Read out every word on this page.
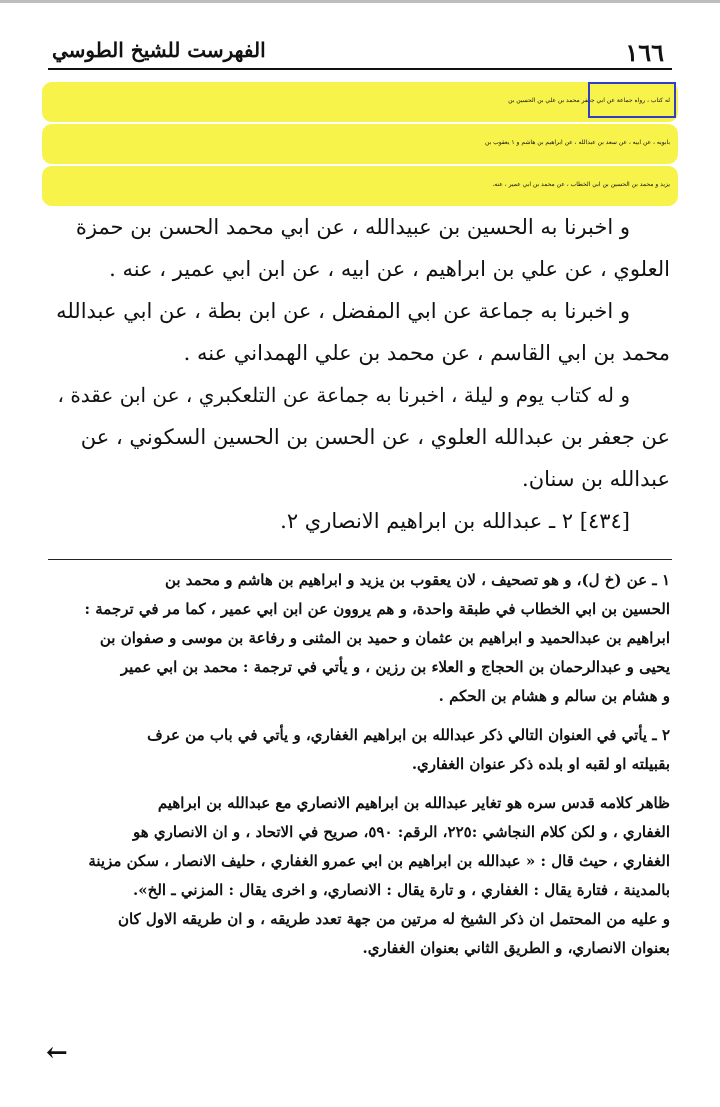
١٦٦
الفهرست للشيخ الطوسي
له كتاب ، رواه جماعة عن ابي جعفر محمد بن علي بن الحسين بن
بابويه ، عن ابيه ، عن سعد بن عبدالله ، عن ابراهيم بن هاشم و ١ يعقوب بن
يزيد و محمد بن الحسين بن ابي الخطاب ، عن محمد بن ابي عمير ، عنه.
و اخبرنا به الحسين بن عبيدالله ، عن ابي محمد الحسن بن حمزة
العلوي ، عن علي بن ابراهيم ، عن ابيه ، عن ابن ابي عمير ، عنه .
و اخبرنا به جماعة عن ابي المفضل ، عن ابن بطة ، عن ابي عبدالله
محمد بن ابي القاسم ، عن محمد بن علي الهمداني عنه .
و له كتاب يوم و ليلة ، اخبرنا به جماعة عن التلعكبري ، عن ابن عقدة ،
عن جعفر بن عبدالله العلوي ، عن الحسن بن الحسين السكوني ، عن
عبدالله بن سنان.
[٤٣٤] ٢ ـ عبدالله بن ابراهيم الانصاري ٢.
١ ـ عن (خ ل)، و هو تصحيف ، لان يعقوب بن يزيد و ابراهيم بن هاشم و محمد بن
الحسين بن ابي الخطاب في طبقة واحدة، و هم يروون عن ابن ابي عمير ، كما مر في ترجمة :
ابراهيم بن عبدالحميد و ابراهيم بن عثمان و حميد بن المثنى و رفاعة بن موسى و صفوان بن
يحيى و عبدالرحمان بن الحجاج و العلاء بن رزين ، و يأتي في ترجمة : محمد بن ابي عمير
و هشام بن سالم و هشام بن الحكم .
٢ ـ يأتي في العنوان التالي ذكر عبدالله بن ابراهيم الغفاري، و يأتي في باب من عرف
بقبيلته او لقبه او بلده ذكر عنوان الغفاري.
ظاهر كلامه قدس سره هو تغاير عبدالله بن ابراهيم الانصاري مع عبدالله بن ابراهيم
الغفاري ، و لكن كلام النجاشي :٢٢٥، الرقم: ٥٩٠، صريح في الاتحاد ، و ان الانصاري هو
الغفاري ، حيث قال : « عبدالله بن ابراهيم بن ابي عمرو الغفاري ، حليف الانصار ، سكن مزينة
بالمدينة ، فتارة يقال : الغفاري ، و تارة يقال : الانصاري، و اخرى يقال : المزني ـ الخ».
و عليه من المحتمل ان ذكر الشيخ له مرتين من جهة تعدد طريقه ، و ان طريقه الاول كان
بعنوان الانصاري، و الطريق الثاني بعنوان الغفاري.
←
